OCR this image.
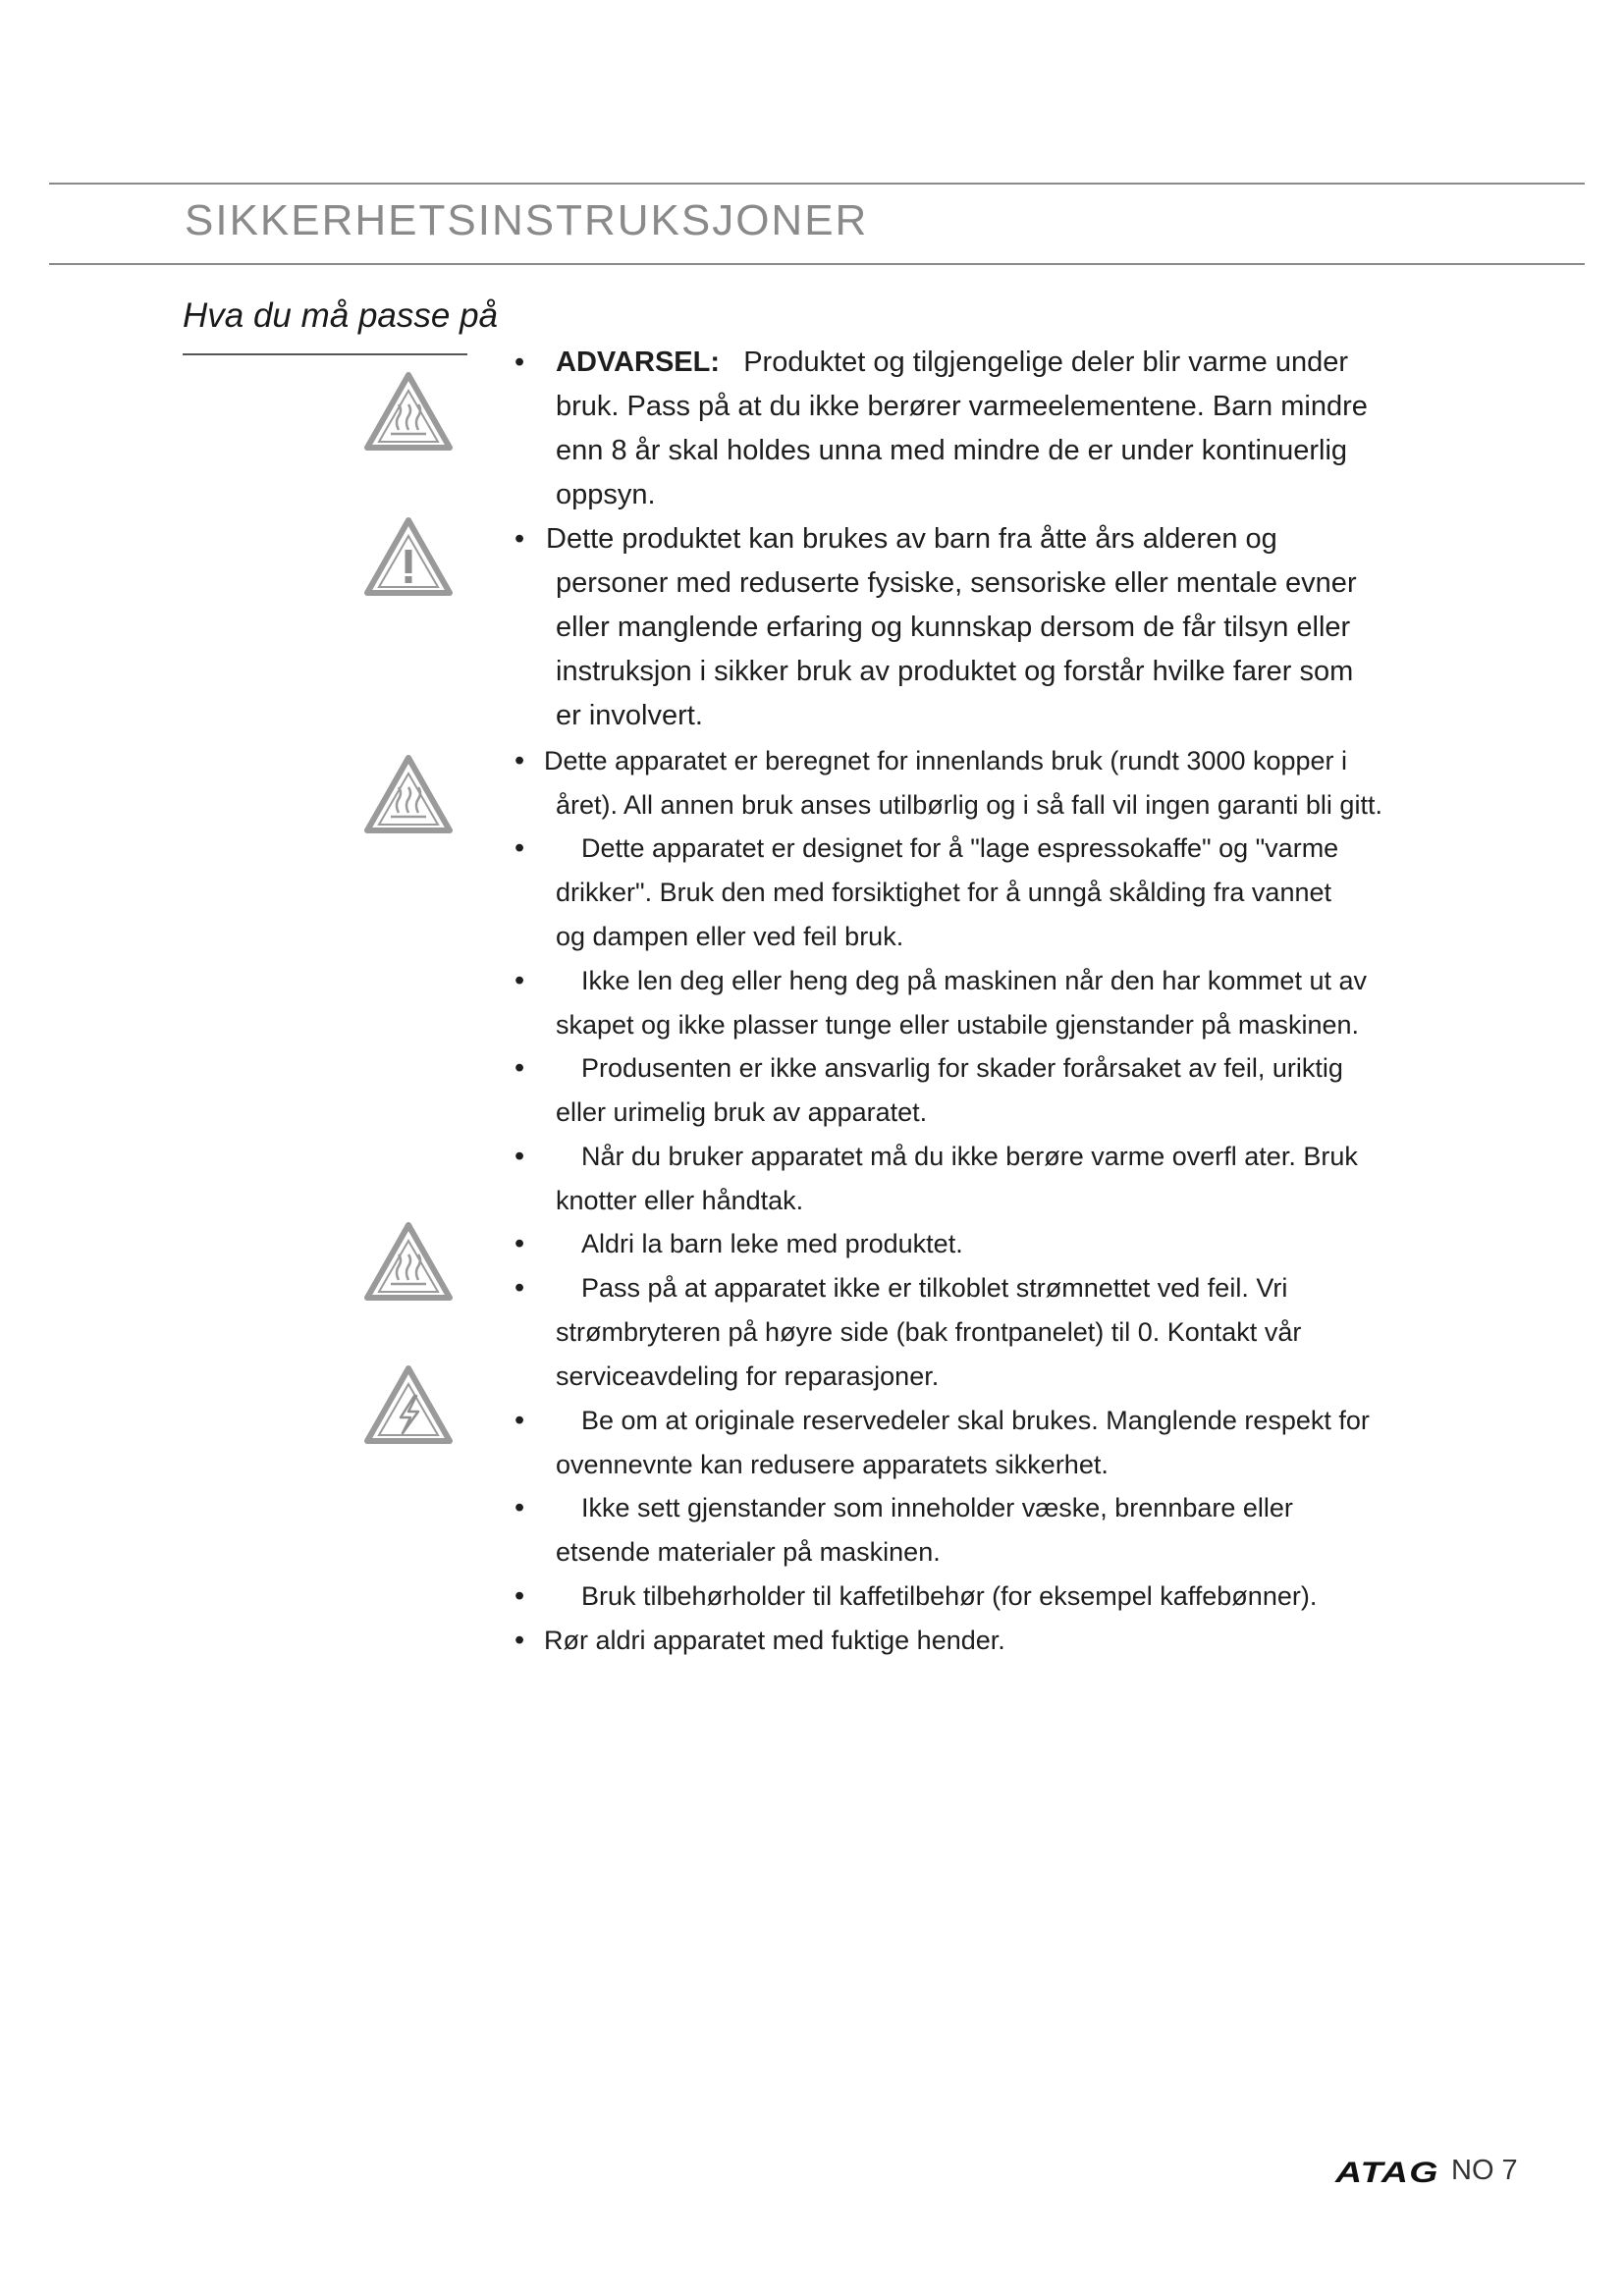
SIKKERHETSINSTRUKSJONER
Hva du må passe på
• ADVARSEL: Produktet og tilgjengelige deler blir varme under
bruk. Pass på at du ikke berører varmeelementene. Barn mindre
enn 8 år skal holdes unna med mindre de er under kontinuerlig
oppsyn.
• Dette produktet kan brukes av barn fra åtte års alderen og
personer med reduserte fysiske, sensoriske eller mentale evner
eller manglende erfaring og kunnskap dersom de får tilsyn eller
instruksjon i sikker bruk av produktet og forstår hvilke farer som
er involvert.
• Dette apparatet er beregnet for innenlands bruk (rundt 3000 kopper i
året). All annen bruk anses utilbørlig og i så fall vil ingen garanti bli gitt.
• Dette apparatet er designet for å "lage espressokaffe" og "varme
drikker". Bruk den med forsiktighet for å unngå skålding fra vannet
og dampen eller ved feil bruk.
• Ikke len deg eller heng deg på maskinen når den har kommet ut av
skapet og ikke plasser tunge eller ustabile gjenstander på maskinen.
• Produsenten er ikke ansvarlig for skader forårsaket av feil, uriktig
eller urimelig bruk av apparatet.
• Når du bruker apparatet må du ikke berøre varme overfl ater. Bruk
knotter eller håndtak.
• Aldri la barn leke med produktet.
• Pass på at apparatet ikke er tilkoblet strømnettet ved feil. Vri
strømbryteren på høyre side (bak frontpanelet) til 0. Kontakt vår
serviceavdeling for reparasjoner.
• Be om at originale reservedeler skal brukes. Manglende respekt for
ovennevnte kan redusere apparatets sikkerhet.
• Ikke sett gjenstander som inneholder væske, brennbare eller
etsende materialer på maskinen.
• Bruk tilbehørholder til kaffetilbehør (for eksempel kaffebønner).
• Rør aldri apparatet med fuktige hender.
ATAG NO 7
